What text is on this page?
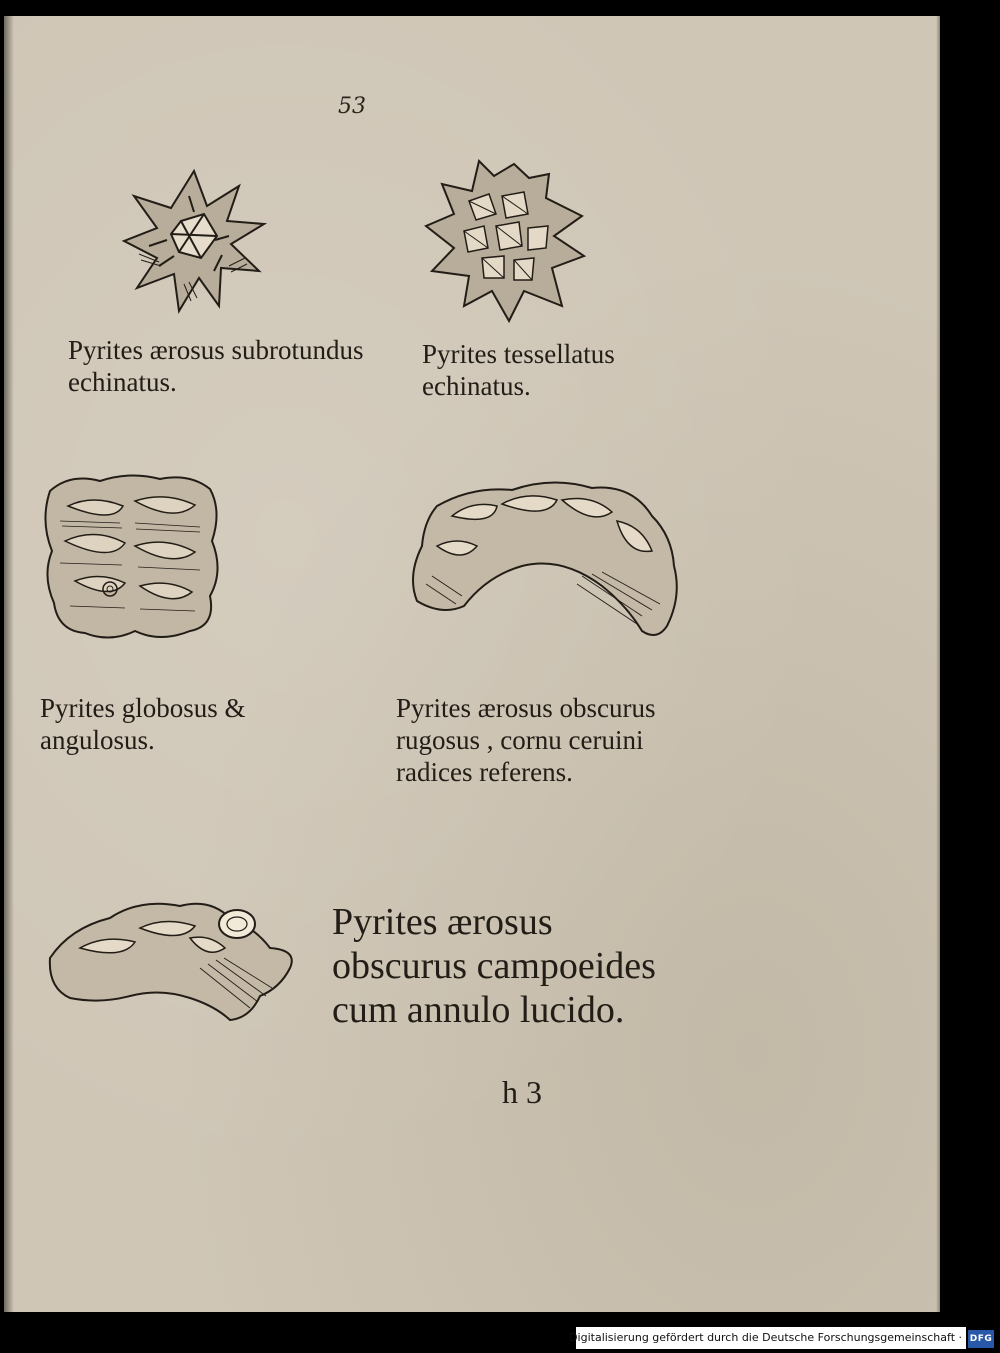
53

Pyrites ærosus subrotundus echinatus.

Pyrites tessellatus echinatus.

Pyrites globosus & angulosus.

Pyrites ærosus obscurus rugosus , cornu ceruini radices referens.

Pyrites ærosus obscurus campoeides cum annulo lucido.

h 3
Digitalisierung gefördert durch die Deutsche Forschungsgemeinschaft · DFG
